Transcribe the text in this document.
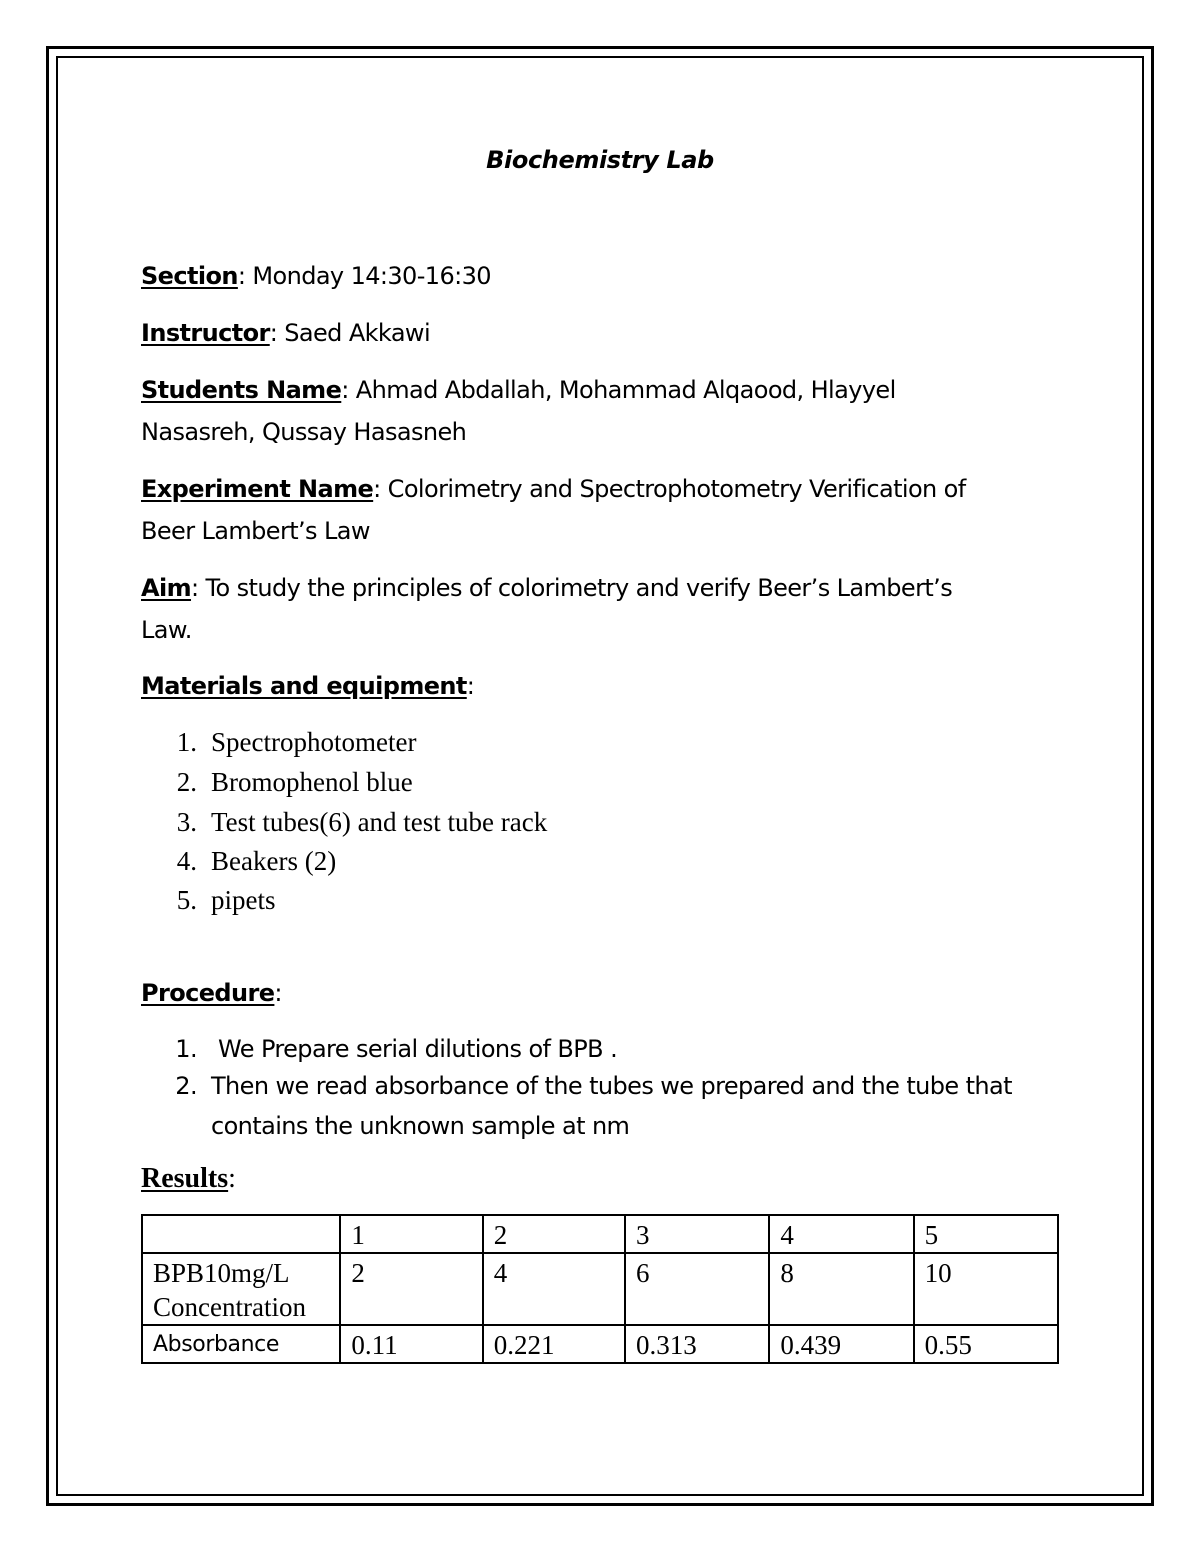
Biochemistry Lab
Section: Monday 14:30-16:30
Instructor: Saed Akkawi
Students Name: Ahmad Abdallah, Mohammad Alqaood, Hlayyel
Nasasreh, Qussay Hasasneh
Experiment Name: Colorimetry and Spectrophotometry Verification of
Beer Lambert’s Law
Aim: To study the principles of colorimetry and verify Beer’s Lambert’s
Law.
Materials and equipment:
1. Spectrophotometer
2. Bromophenol blue
3. Test tubes(6) and test tube rack
4. Beakers (2)
5. pipets
Procedure:
1. We Prepare serial dilutions of BPB .
2. Then we read absorbance of the tubes we prepared and the tube that
contains the unknown sample at nm
Results:
	1	2	3	4	5

BPB10mg/L
Concentration	2	4	6	8	10
Absorbance	0.11	0.221	0.313	0.439	0.55
